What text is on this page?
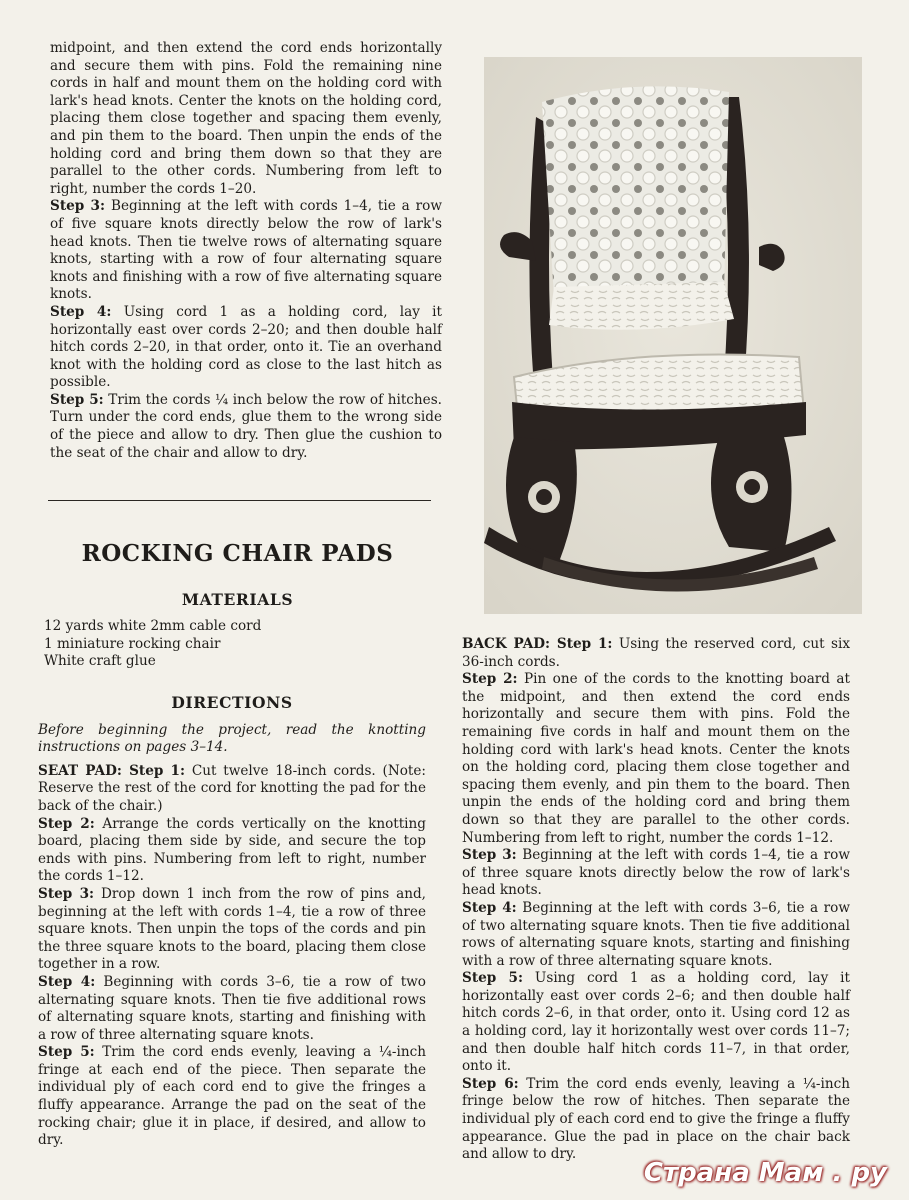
midpoint, and then extend the cord ends horizontally and secure them with pins. Fold the remaining nine cords in half and mount them on the holding cord with lark's head knots. Center the knots on the holding cord, placing them close together and spacing them evenly, and pin them to the board. Then unpin the ends of the holding cord and bring them down so that they are parallel to the other cords. Numbering from left to right, number the cords 1–20.

Step 3: Beginning at the left with cords 1–4, tie a row of five square knots directly below the row of lark's head knots. Then tie twelve rows of alternating square knots, starting with a row of four alternating square knots and finishing with a row of five alternating square knots.

Step 4: Using cord 1 as a holding cord, lay it horizontally east over cords 2–20; and then double half hitch cords 2–20, in that order, onto it. Tie an overhand knot with the holding cord as close to the last hitch as possible.

Step 5: Trim the cords ¼ inch below the row of hitches. Turn under the cord ends, glue them to the wrong side of the piece and allow to dry. Then glue the cushion to the seat of the chair and allow to dry.

ROCKING CHAIR PADS
MATERIALS
12 yards white 2mm cable cord
1 miniature rocking chair
White craft glue
DIRECTIONS

Before beginning the project, read the knotting instructions on pages 3–14.

SEAT PAD: Step 1: Cut twelve 18-inch cords. (Note: Reserve the rest of the cord for knotting the pad for the back of the chair.)

Step 2: Arrange the cords vertically on the knotting board, placing them side by side, and secure the top ends with pins. Numbering from left to right, number the cords 1–12.

Step 3: Drop down 1 inch from the row of pins and, beginning at the left with cords 1–4, tie a row of three square knots. Then unpin the tops of the cords and pin the three square knots to the board, placing them close together in a row.

Step 4: Beginning with cords 3–6, tie a row of two alternating square knots. Then tie five additional rows of alternating square knots, starting and finishing with a row of three alternating square knots.

Step 5: Trim the cord ends evenly, leaving a ¼-inch fringe at each end of the piece. Then separate the individual ply of each cord end to give the fringes a fluffy appearance. Arrange the pad on the seat of the rocking chair; glue it in place, if desired, and allow to dry.

BACK PAD: Step 1: Using the reserved cord, cut six 36-inch cords.

Step 2: Pin one of the cords to the knotting board at the midpoint, and then extend the cord ends horizontally and secure them with pins. Fold the remaining five cords in half and mount them on the holding cord with lark's head knots. Center the knots on the holding cord, placing them close together and spacing them evenly, and pin them to the board. Then unpin the ends of the holding cord and bring them down so that they are parallel to the other cords. Numbering from left to right, number the cords 1–12.

Step 3: Beginning at the left with cords 1–4, tie a row of three square knots directly below the row of lark's head knots.

Step 4: Beginning at the left with cords 3–6, tie a row of two alternating square knots. Then tie five additional rows of alternating square knots, starting and finishing with a row of three alternating square knots.

Step 5: Using cord 1 as a holding cord, lay it horizontally east over cords 2–6; and then double half hitch cords 2–6, in that order, onto it. Using cord 12 as a holding cord, lay it horizontally west over cords 11–7; and then double half hitch cords 11–7, in that order, onto it.

Step 6: Trim the cord ends evenly, leaving a ¼-inch fringe below the row of hitches. Then separate the individual ply of each cord end to give the fringe a fluffy appearance. Glue the pad in place on the chair back and allow to dry.

Страна Мам . ру
